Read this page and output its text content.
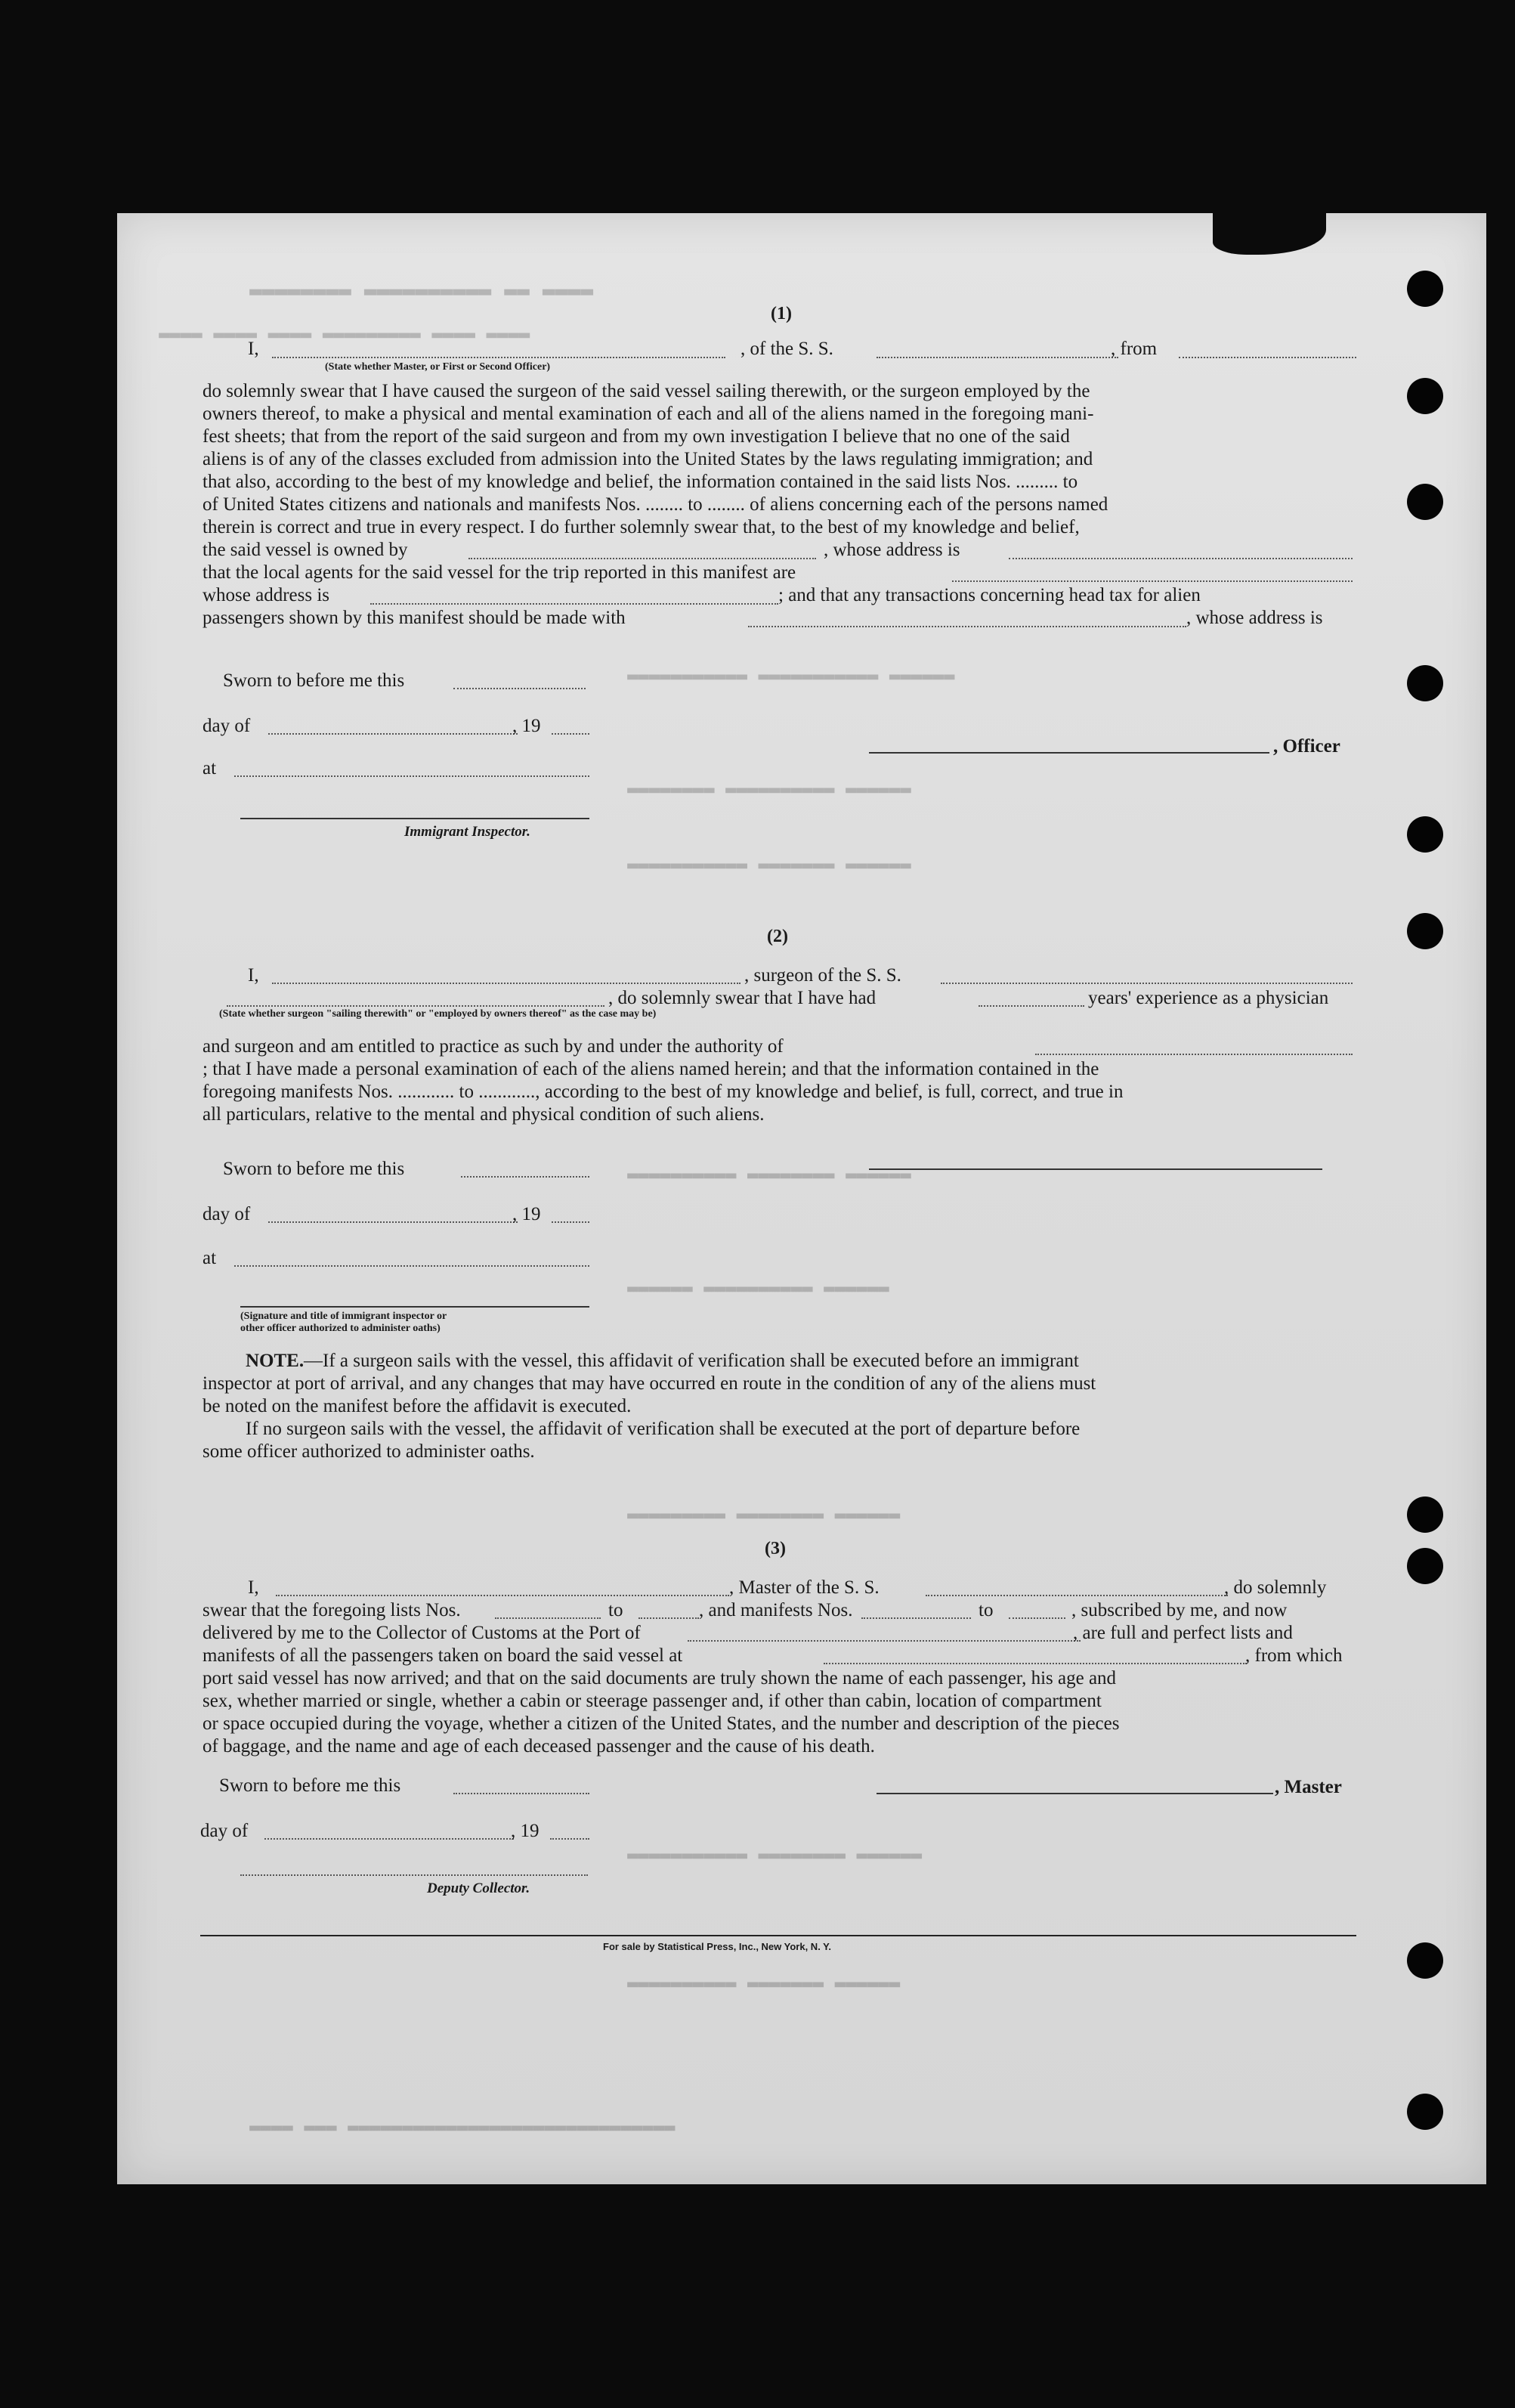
▬▬▬▬ ▬▬ ▬▬▬▬▬▬▬▬▬▬ ▬▬▬▬▬▬▬▬
▬▬▬▬ ▬▬▬▬ ▬▬▬▬▬▬▬▬▬ ▬▬▬▬ ▬▬▬▬ ▬▬▬▬
▬▬▬▬▬▬ ▬▬▬▬▬▬▬▬▬▬▬ ▬▬▬▬▬▬▬▬▬▬▬
▬▬▬▬▬▬ ▬▬▬▬▬▬▬▬▬▬ ▬▬▬▬▬▬▬▬
▬▬▬▬▬▬ ▬▬▬▬▬▬▬ ▬▬▬▬▬▬▬▬▬▬▬
▬▬▬▬▬▬ ▬▬▬▬▬▬▬▬ ▬▬▬▬▬▬▬▬▬▬
▬▬▬▬▬▬ ▬▬▬▬▬▬▬▬▬▬ ▬▬▬▬▬▬
▬▬▬▬▬▬ ▬▬▬▬▬▬▬▬ ▬▬▬▬▬▬▬▬▬
▬▬▬▬▬▬ ▬▬▬▬▬▬▬▬ ▬▬▬▬▬▬▬▬▬▬▬
▬▬▬▬▬▬ ▬▬▬▬▬▬▬ ▬▬▬▬▬▬▬▬▬▬
▬▬▬▬▬▬▬▬▬▬▬▬▬▬▬▬▬▬▬▬▬▬▬▬▬▬▬▬▬▬ ▬▬▬ ▬▬▬▬
(1)
I,
(State whether Master, or First or Second Officer)
, of the S. S.	, from
do solemnly swear that I have caused the surgeon of the said vessel sailing therewith, or the surgeon employed by the
owners thereof, to make a physical and mental examination of each and all of the aliens named in the foregoing mani-
fest sheets; that from the report of the said surgeon and from my own investigation I believe that no one of the said
aliens is of any of the classes excluded from admission into the United States by the laws regulating immigration; and
that also, according to the best of my knowledge and belief, the information contained in the said lists Nos. ......... to
of United States citizens and nationals and manifests Nos. ........ to ........ of aliens concerning each of the persons named
therein is correct and true in every respect. I do further solemnly swear that, to the best of my knowledge and belief,
the said vessel is owned by	, whose address is
that the local agents for the said vessel for the trip reported in this manifest are
whose address is	; and that any transactions concerning head tax for alien
passengers shown by this manifest should be made with	, whose address is
Sworn to before me this
day of	, 19
at
Immigrant Inspector.
, Officer
(2)
I,	, surgeon of the S. S.
, do solemnly swear that I have had	years' experience as a physician
(State whether surgeon "sailing therewith" or "employed by owners thereof" as the case may be)
and surgeon and am entitled to practice as such by and under the authority of
; that I have made a personal examination of each of the aliens named herein; and that the information contained in the
foregoing manifests Nos. ............ to ............, according to the best of my knowledge and belief, is full, correct, and true in
all particulars, relative to the mental and physical condition of such aliens.
Sworn to before me this
day of	, 19
at
(Signature and title of immigrant inspector or
other officer authorized to administer oaths)
NOTE. —If a surgeon sails with the vessel, this affidavit of verification shall be executed before an immigrant
inspector at port of arrival, and any changes that may have occurred en route in the condition of any of the aliens must
be noted on the manifest before the affidavit is executed.
If no surgeon sails with the vessel, the affidavit of verification shall be executed at the port of departure before
some officer authorized to administer oaths.
(3)
I,	, Master of the S. S.	, do solemnly
swear that the foregoing lists Nos.	to	, and manifests Nos.	to	, subscribed by me, and now
delivered by me to the Collector of Customs at the Port of	, are full and perfect lists and
manifests of all the passengers taken on board the said vessel at	, from which
port said vessel has now arrived; and that on the said documents are truly shown the name of each passenger, his age and
sex, whether married or single, whether a cabin or steerage passenger and, if other than cabin, location of compartment
or space occupied during the voyage, whether a citizen of the United States, and the number and description of the pieces
of baggage, and the name and age of each deceased passenger and the cause of his death.
Sworn to before me this
day of	, 19
Deputy Collector.
, Master
For sale by Statistical Press, Inc., New York, N. Y.
